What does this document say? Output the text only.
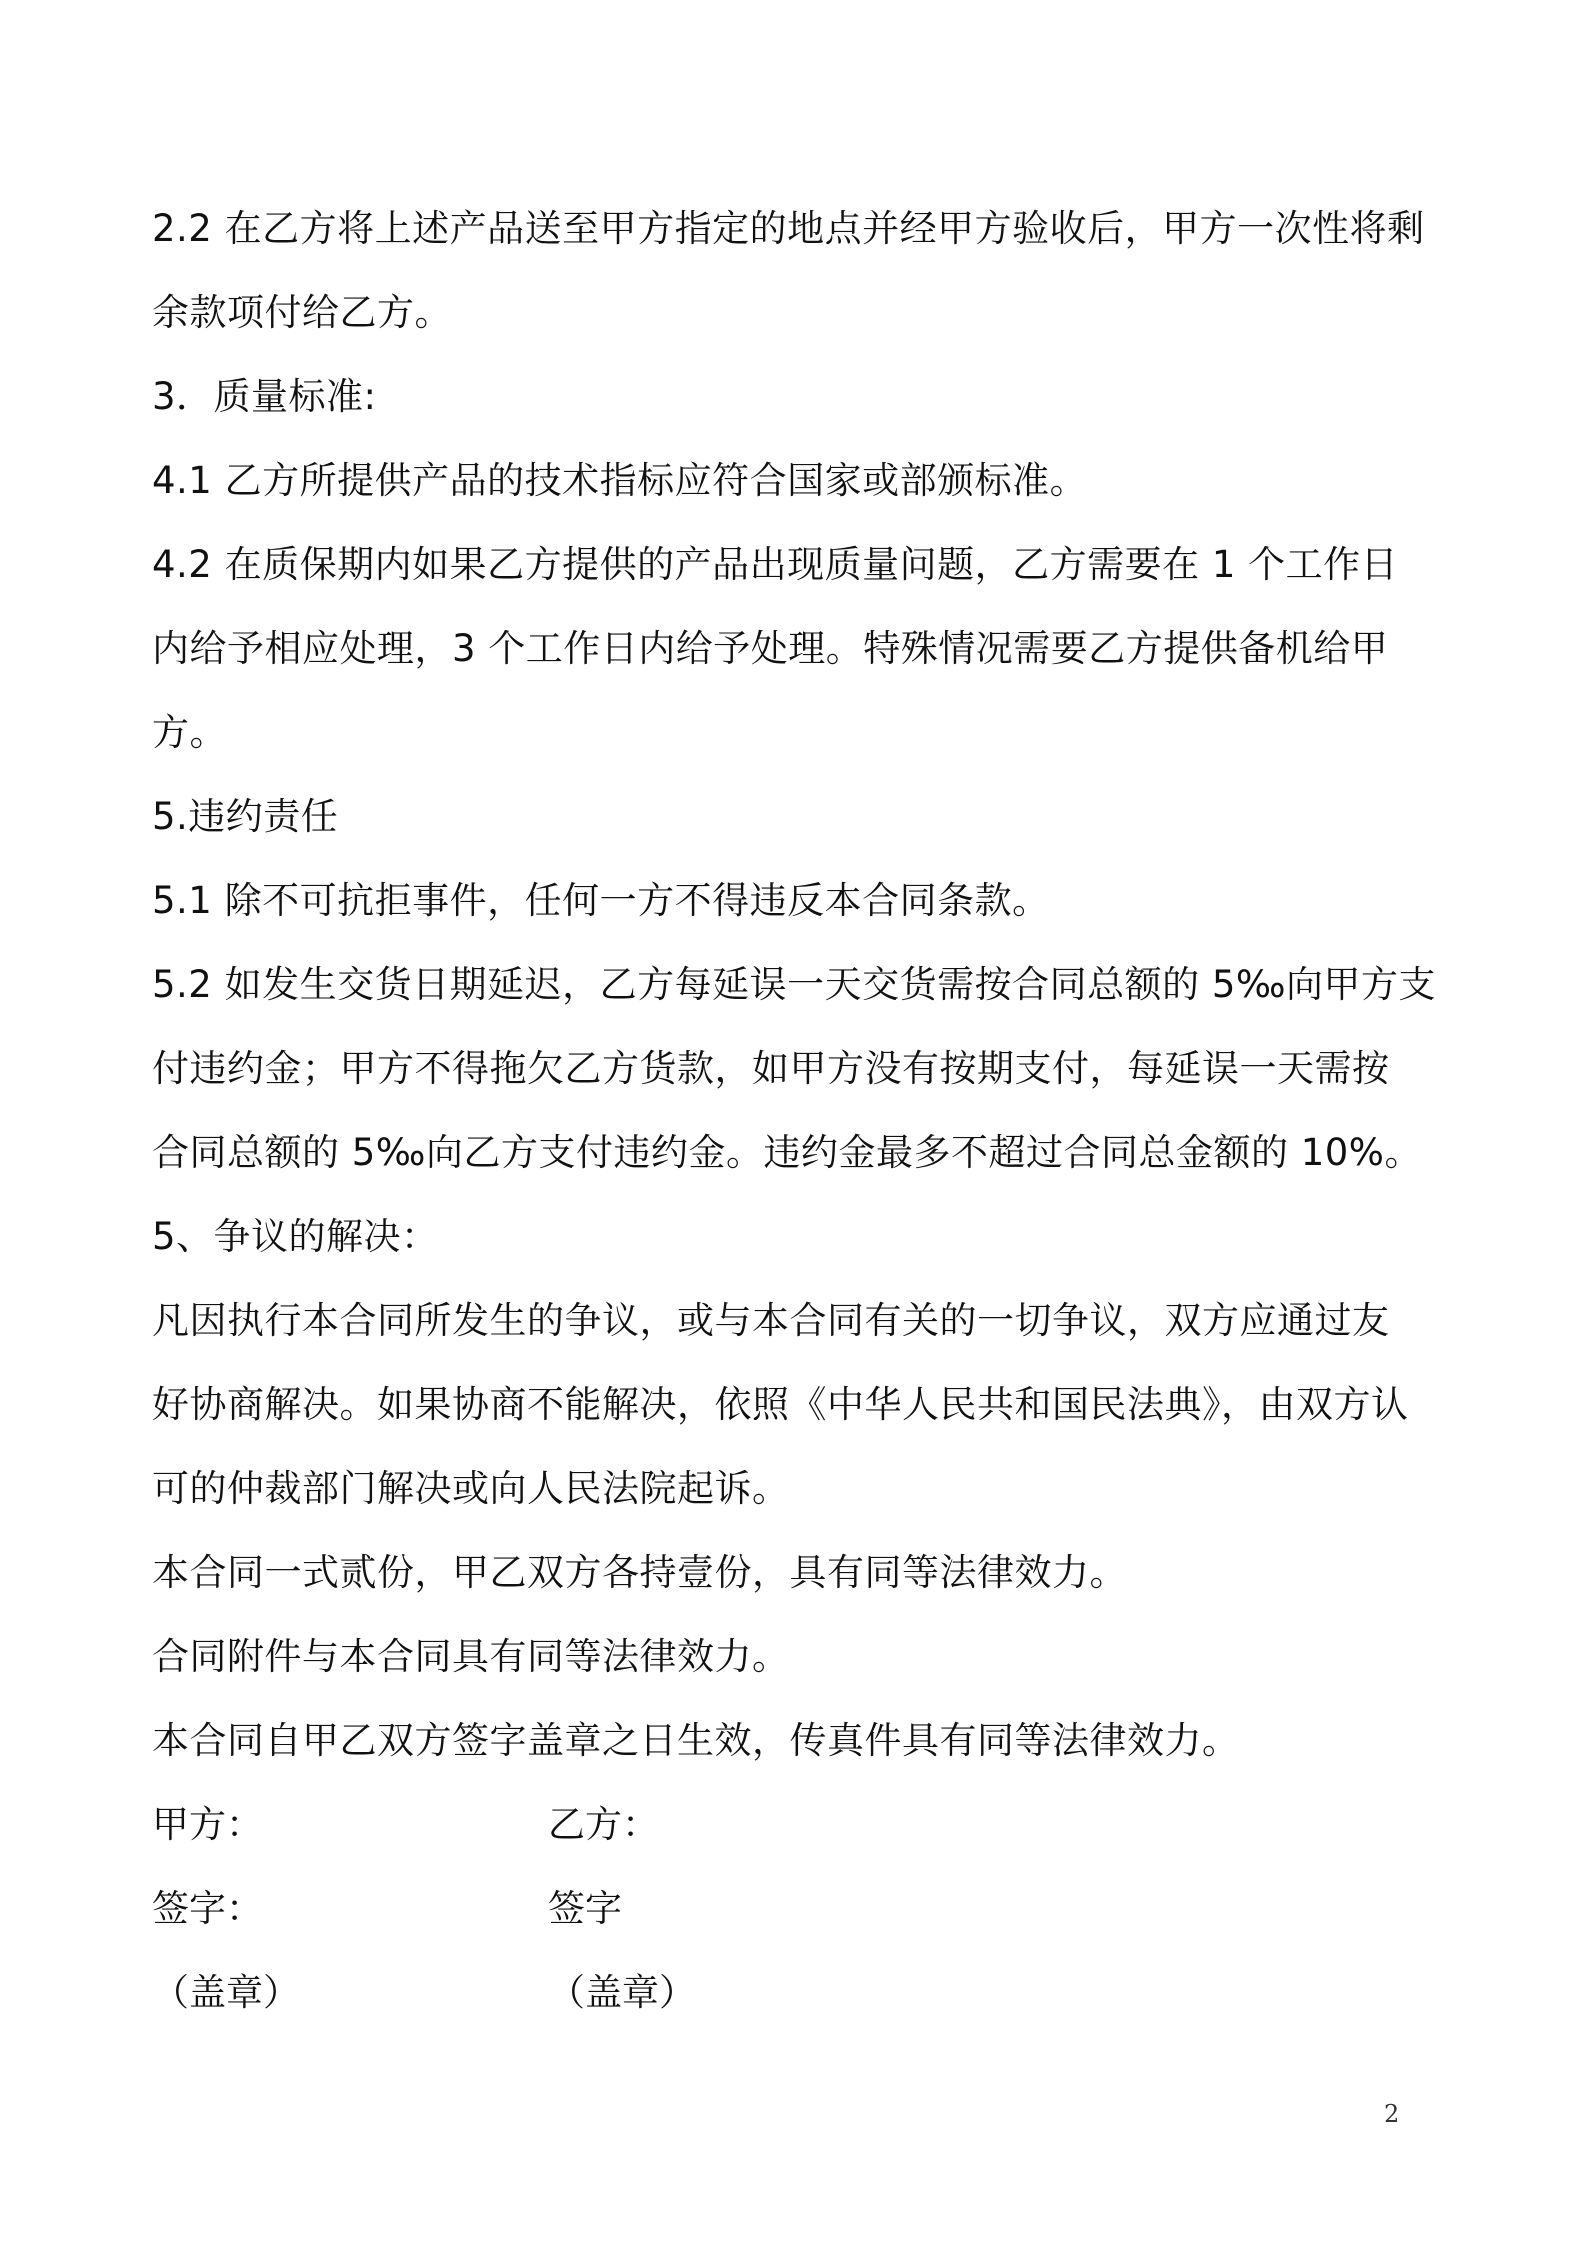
2.2 在乙方将上述产品送至甲方指定的地点并经甲方验收后，甲方一次性将剩
余款项付给乙方。
3．质量标准:
4.1 乙方所提供产品的技术指标应符合国家或部颁标准。
4.2 在质保期内如果乙方提供的产品出现质量问题，乙方需要在 1 个工作日
内给予相应处理，3 个工作日内给予处理。特殊情况需要乙方提供备机给甲
方。
5.违约责任
5.1 除不可抗拒事件，任何一方不得违反本合同条款。
5.2 如发生交货日期延迟，乙方每延误一天交货需按合同总额的 5‰向甲方支
付违约金；甲方不得拖欠乙方货款，如甲方没有按期支付，每延误一天需按
合同总额的 5‰向乙方支付违约金。违约金最多不超过合同总金额的 10%。
5、争议的解决：
凡因执行本合同所发生的争议，或与本合同有关的一切争议，双方应通过友
好协商解决。如果协商不能解决，依照《中华人民共和国民法典》，由双方认
可的仲裁部门解决或向人民法院起诉。
本合同一式贰份，甲乙双方各持壹份，具有同等法律效力。
合同附件与本合同具有同等法律效力。
本合同自甲乙双方签字盖章之日生效，传真件具有同等法律效力。
甲方：	乙方：
签字：	签字
（盖章）	（盖章）
2
